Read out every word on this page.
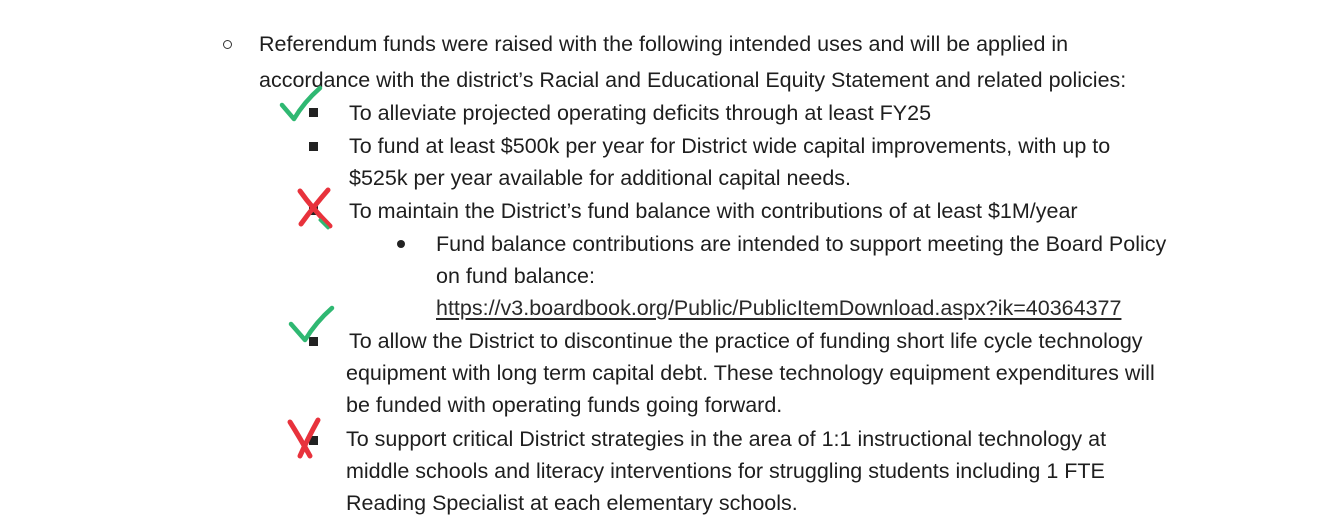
Referendum funds were raised with the following intended uses and will be applied in
accordance with the district’s Racial and Educational Equity Statement and related policies:
To alleviate projected operating deficits through at least FY25
To fund at least $500k per year for District wide capital improvements, with up to
$525k per year available for additional capital needs.
To maintain the District’s fund balance with contributions of at least $1M/year
Fund balance contributions are intended to support meeting the Board Policy
on fund balance:
https://v3.boardbook.org/Public/PublicItemDownload.aspx?ik=40364377
To allow the District to discontinue the practice of funding short life cycle technology
equipment with long term capital debt. These technology equipment expenditures will
be funded with operating funds going forward.
To support critical District strategies in the area of 1:1 instructional technology at
middle schools and literacy interventions for struggling students including 1 FTE
Reading Specialist at each elementary schools.
